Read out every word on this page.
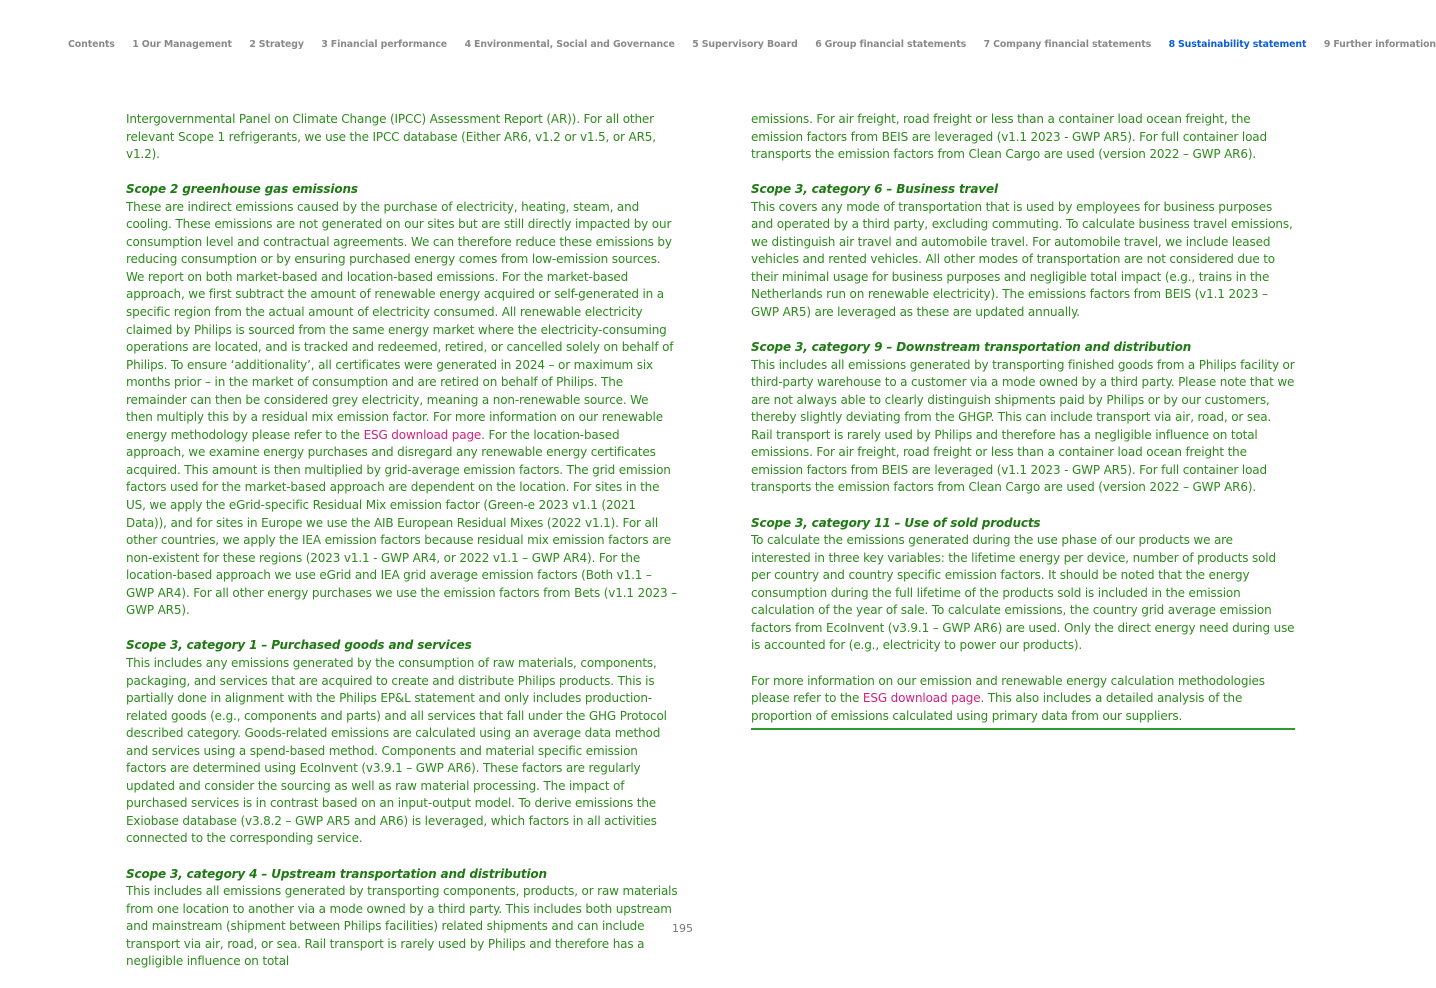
Contents 1 Our Management 2 Strategy 3 Financial performance 4 Environmental, Social and Governance 5 Supervisory Board 6 Group financial statements 7 Company financial statements 8 Sustainability statement 9 Further information

Intergovernmental Panel on Climate Change (IPCC) Assessment Report (AR)). For all other relevant Scope 1 refrigerants, we use the IPCC database (Either AR6, v1.2 or v1.5, or AR5, v1.2).

Scope 2 greenhouse gas emissions

These are indirect emissions caused by the purchase of electricity, heating, steam, and cooling. These emissions are not generated on our sites but are still directly impacted by our consumption level and contractual agreements. We can therefore reduce these emissions by reducing consumption or by ensuring purchased energy comes from low-emission sources. We report on both market-based and location-based emissions. For the market-based approach, we first subtract the amount of renewable energy acquired or self-generated in a specific region from the actual amount of electricity consumed. All renewable electricity claimed by Philips is sourced from the same energy market where the electricity-consuming operations are located, and is tracked and redeemed, retired, or cancelled solely on behalf of Philips. To ensure ‘additionality’, all certificates were generated in 2024 – or maximum six months prior – in the market of consumption and are retired on behalf of Philips. The remainder can then be considered grey electricity, meaning a non-renewable source. We then multiply this by a residual mix emission factor. For more information on our renewable energy methodology please refer to the ESG download page. For the location-based approach, we examine energy purchases and disregard any renewable energy certificates acquired. This amount is then multiplied by grid-average emission factors. The grid emission factors used for the market-based approach are dependent on the location. For sites in the US, we apply the eGrid-specific Residual Mix emission factor (Green-e 2023 v1.1 (2021 Data)), and for sites in Europe we use the AIB European Residual Mixes (2022 v1.1). For all other countries, we apply the IEA emission factors because residual mix emission factors are non-existent for these regions (2023 v1.1 - GWP AR4, or 2022 v1.1 – GWP AR4). For the location-based approach we use eGrid and IEA grid average emission factors (Both v1.1 – GWP AR4). For all other energy purchases we use the emission factors from Bets (v1.1 2023 – GWP AR5).

Scope 3, category 1 – Purchased goods and services

This includes any emissions generated by the consumption of raw materials, components, packaging, and services that are acquired to create and distribute Philips products. This is partially done in alignment with the Philips EP&L statement and only includes production-related goods (e.g., components and parts) and all services that fall under the GHG Protocol described category. Goods-related emissions are calculated using an average data method and services using a spend-based method. Components and material specific emission factors are determined using EcoInvent (v3.9.1 – GWP AR6). These factors are regularly updated and consider the sourcing as well as raw material processing. The impact of purchased services is in contrast based on an input-output model. To derive emissions the Exiobase database (v3.8.2 – GWP AR5 and AR6) is leveraged, which factors in all activities connected to the corresponding service.

Scope 3, category 4 – Upstream transportation and distribution

This includes all emissions generated by transporting components, products, or raw materials from one location to another via a mode owned by a third party. This includes both upstream and mainstream (shipment between Philips facilities) related shipments and can include transport via air, road, or sea. Rail transport is rarely used by Philips and therefore has a negligible influence on total

emissions. For air freight, road freight or less than a container load ocean freight, the emission factors from BEIS are leveraged (v1.1 2023 - GWP AR5). For full container load transports the emission factors from Clean Cargo are used (version 2022 – GWP AR6).

Scope 3, category 6 – Business travel

This covers any mode of transportation that is used by employees for business purposes and operated by a third party, excluding commuting. To calculate business travel emissions, we distinguish air travel and automobile travel. For automobile travel, we include leased vehicles and rented vehicles. All other modes of transportation are not considered due to their minimal usage for business purposes and negligible total impact (e.g., trains in the Netherlands run on renewable electricity). The emissions factors from BEIS (v1.1 2023 – GWP AR5) are leveraged as these are updated annually.

Scope 3, category 9 – Downstream transportation and distribution

This includes all emissions generated by transporting finished goods from a Philips facility or third-party warehouse to a customer via a mode owned by a third party. Please note that we are not always able to clearly distinguish shipments paid by Philips or by our customers, thereby slightly deviating from the GHGP. This can include transport via air, road, or sea. Rail transport is rarely used by Philips and therefore has a negligible influence on total emissions. For air freight, road freight or less than a container load ocean freight the emission factors from BEIS are leveraged (v1.1 2023 - GWP AR5). For full container load transports the emission factors from Clean Cargo are used (version 2022 – GWP AR6).

Scope 3, category 11 – Use of sold products

To calculate the emissions generated during the use phase of our products we are interested in three key variables: the lifetime energy per device, number of products sold per country and country specific emission factors. It should be noted that the energy consumption during the full lifetime of the products sold is included in the emission calculation of the year of sale. To calculate emissions, the country grid average emission factors from EcoInvent (v3.9.1 – GWP AR6) are used. Only the direct energy need during use is accounted for (e.g., electricity to power our products).

For more information on our emission and renewable energy calculation methodologies please refer to the ESG download page. This also includes a detailed analysis of the proportion of emissions calculated using primary data from our suppliers.

195
